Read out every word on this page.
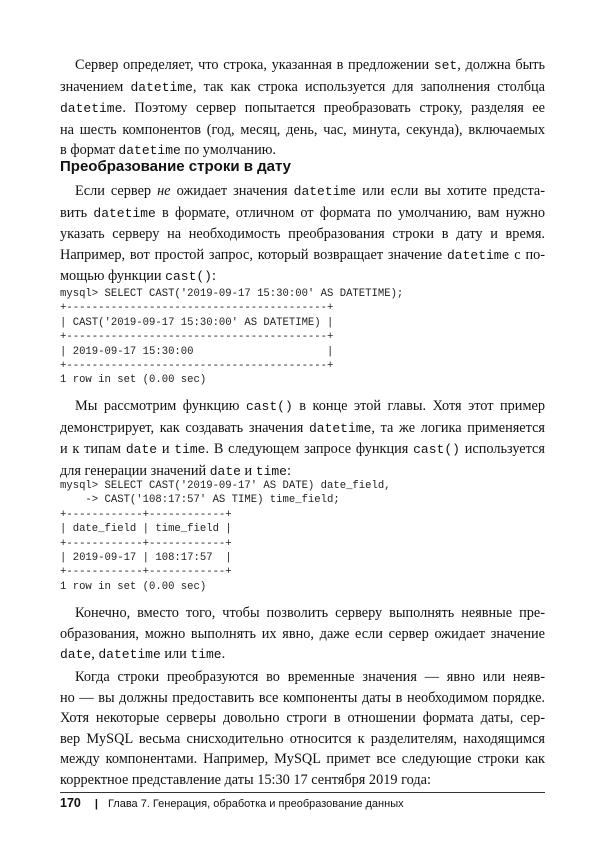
Сервер определяет, что строка, указанная в предложении set, должна быть
значением datetime, так как строка используется для заполнения столбца
datetime. Поэтому сервер попытается преобразовать строку, разделяя ее
на шесть компонентов (год, месяц, день, час, минута, секунда), включаемых
в формат datetime по умолчанию.

Преобразование строки в дату

Если сервер не ожидает значения datetime или если вы хотите предста-
вить datetime в формате, отличном от формата по умолчанию, вам нужно
указать серверу на необходимость преобразования строки в дату и время.
Например, вот простой запрос, который возвращает значение datetime с по-
мощью функции cast():

mysql> SELECT CAST('2019-09-17 15:30:00' AS DATETIME);
+-----------------------------------------+
| CAST('2019-09-17 15:30:00' AS DATETIME) |
+-----------------------------------------+
| 2019-09-17 15:30:00                     |
+-----------------------------------------+
1 row in set (0.00 sec)

Мы рассмотрим функцию cast() в конце этой главы. Хотя этот пример
демонстрирует, как создавать значения datetime, та же логика применяется
и к типам date и time. В следующем запросе функция cast() используется
для генерации значений date и time:

mysql> SELECT CAST('2019-09-17' AS DATE) date_field,
-> CAST('108:17:57' AS TIME) time_field;
+------------+------------+
| date_field | time_field |
+------------+------------+
| 2019-09-17 | 108:17:57  |
+------------+------------+
1 row in set (0.00 sec)

Конечно, вместо того, чтобы позволить серверу выполнять неявные пре-
образования, можно выполнять их явно, даже если сервер ожидает значение
date, datetime или time.

Когда строки преобразуются во временные значения — явно или неяв-
но — вы должны предоставить все компоненты даты в необходимом порядке.
Хотя некоторые серверы довольно строги в отношении формата даты, сер-
вер MySQL весьма снисходительно относится к разделителям, находящимся
между компонентами. Например, MySQL примет все следующие строки как
корректное представление даты 15:30 17 сентября 2019 года:

170 | Глава 7. Генерация, обработка и преобразование данных
